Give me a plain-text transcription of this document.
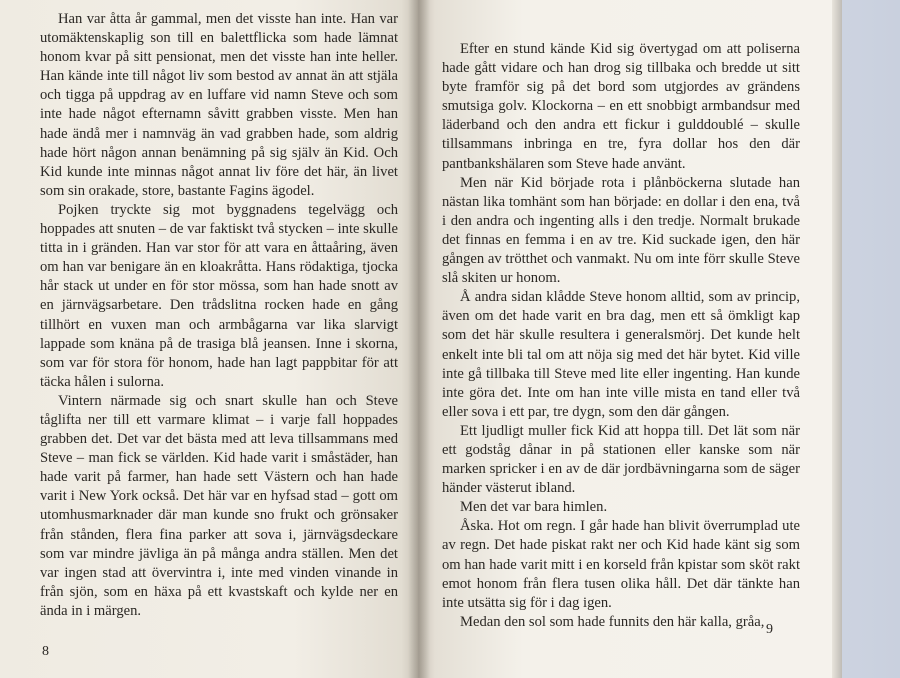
Han var åtta år gammal, men det visste han inte. Han var utomäktenskaplig son till en balettflicka som hade lämnat honom kvar på sitt pensionat, men det visste han inte heller. Han kände inte till något liv som bestod av annat än att stjäla och tigga på uppdrag av en luffare vid namn Steve och som inte hade något efternamn såvitt grabben visste. Men han hade ändå mer i namnväg än vad grabben hade, som aldrig hade hört någon annan benämning på sig själv än Kid. Och Kid kunde inte minnas något annat liv före det här, än livet som sin orakade, store, bastante Fagins ägodel.

Pojken tryckte sig mot byggnadens tegelvägg och hoppades att snuten – de var faktiskt två stycken – inte skulle titta in i gränden. Han var stor för att vara en åttaåring, även om han var benigare än en kloakråtta. Hans rödaktiga, tjocka hår stack ut under en för stor mössa, som han hade snott av en järnvägsarbetare. Den trådslitna rocken hade en gång tillhört en vuxen man och armbågarna var lika slarvigt lappade som knäna på de trasiga blå jeansen. Inne i skorna, som var för stora för honom, hade han lagt pappbitar för att täcka hålen i sulorna.

Vintern närmade sig och snart skulle han och Steve tåglifta ner till ett varmare klimat – i varje fall hoppades grabben det. Det var det bästa med att leva tillsammans med Steve – man fick se världen. Kid hade varit i småstäder, han hade varit på farmer, han hade sett Västern och han hade varit i New York också. Det här var en hyfsad stad – gott om utomhusmarknader där man kunde sno frukt och grönsaker från stånden, flera fina parker att sova i, järnvägsdeckare som var mindre jävliga än på många andra ställen. Men det var ingen stad att övervintra i, inte med vinden vinande in från sjön, som en häxa på ett kvastskaft och kylde ner en ända in i märgen.

Efter en stund kände Kid sig övertygad om att poliserna hade gått vidare och han drog sig tillbaka och bredde ut sitt byte framför sig på det bord som utgjordes av grändens smutsiga golv. Klockorna – en ett snobbigt armbandsur med läderband och den andra ett fickur i gulddoublé – skulle tillsammans inbringa en tre, fyra dollar hos den där pantbankshälaren som Steve hade använt.

Men när Kid började rota i plånböckerna slutade han nästan lika tomhänt som han började: en dollar i den ena, två i den andra och ingenting alls i den tredje. Normalt brukade det finnas en femma i en av tre. Kid suckade igen, den här gången av trötthet och vanmakt. Nu om inte förr skulle Steve slå skiten ur honom.

Å andra sidan klådde Steve honom alltid, som av princip, även om det hade varit en bra dag, men ett så ömkligt kap som det här skulle resultera i generalsmörj. Det kunde helt enkelt inte bli tal om att nöja sig med det här bytet. Kid ville inte gå tillbaka till Steve med lite eller ingenting. Han kunde inte göra det. Inte om han inte ville mista en tand eller två eller sova i ett par, tre dygn, som den där gången.

Ett ljudligt muller fick Kid att hoppa till. Det lät som när ett godståg dånar in på stationen eller kanske som när marken spricker i en av de där jordbävningarna som de säger händer västerut ibland.

Men det var bara himlen.

Åska. Hot om regn. I går hade han blivit överrumplad ute av regn. Det hade piskat rakt ner och Kid hade känt sig som om han hade varit mitt i en korseld från kpistar som sköt rakt emot honom från flera tusen olika håll. Det där tänkte han inte utsätta sig för i dag igen.

Medan den sol som hade funnits den här kalla, gråa,

8
9
